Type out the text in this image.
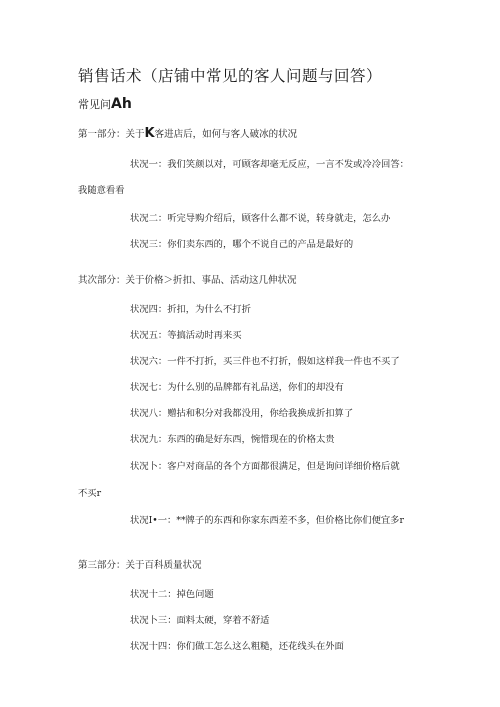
销售话术（店铺中常见的客人问题与回答）
常见问Ah
第一部分：关于K客进店后，如何与客人破冰的状况
状况一：我们笑颜以对，可顾客却毫无反应，一言不发或冷冷回答：
我随意看看
状况二：听完导购介绍后，顾客什么都不说，转身就走，怎么办
状况三：你们卖东西的，哪个不说自己的产品是最好的
其次部分：关于价格＞折扣、事品、活动这几伸状况
状况四：折扣，为什么不打折
状况五：等搞活动时再来买
状况六：一件不打折，买三件也不打折，假如这样我一件也不买了
状况七：为什么别的品牌都有礼品送，你们的却没有
状况八：赠拈和积分对我都没用，你给我换成折扣算了
状况九：东西的确是好东西，惋惜现在的价格太贵
状况卜：客户对商品的各个方面都很满足，但是询问详细价格后就
不买r
状况I•一：**牌子的东西和你家东西差不多，但价格比你们便宜多r
第三部分：关于百科质量状况
状况十二：掉色问题
状况卜三：面料太硬，穿着不舒适
状况十四：你们做工怎么这么粗糙，还花线头在外面
